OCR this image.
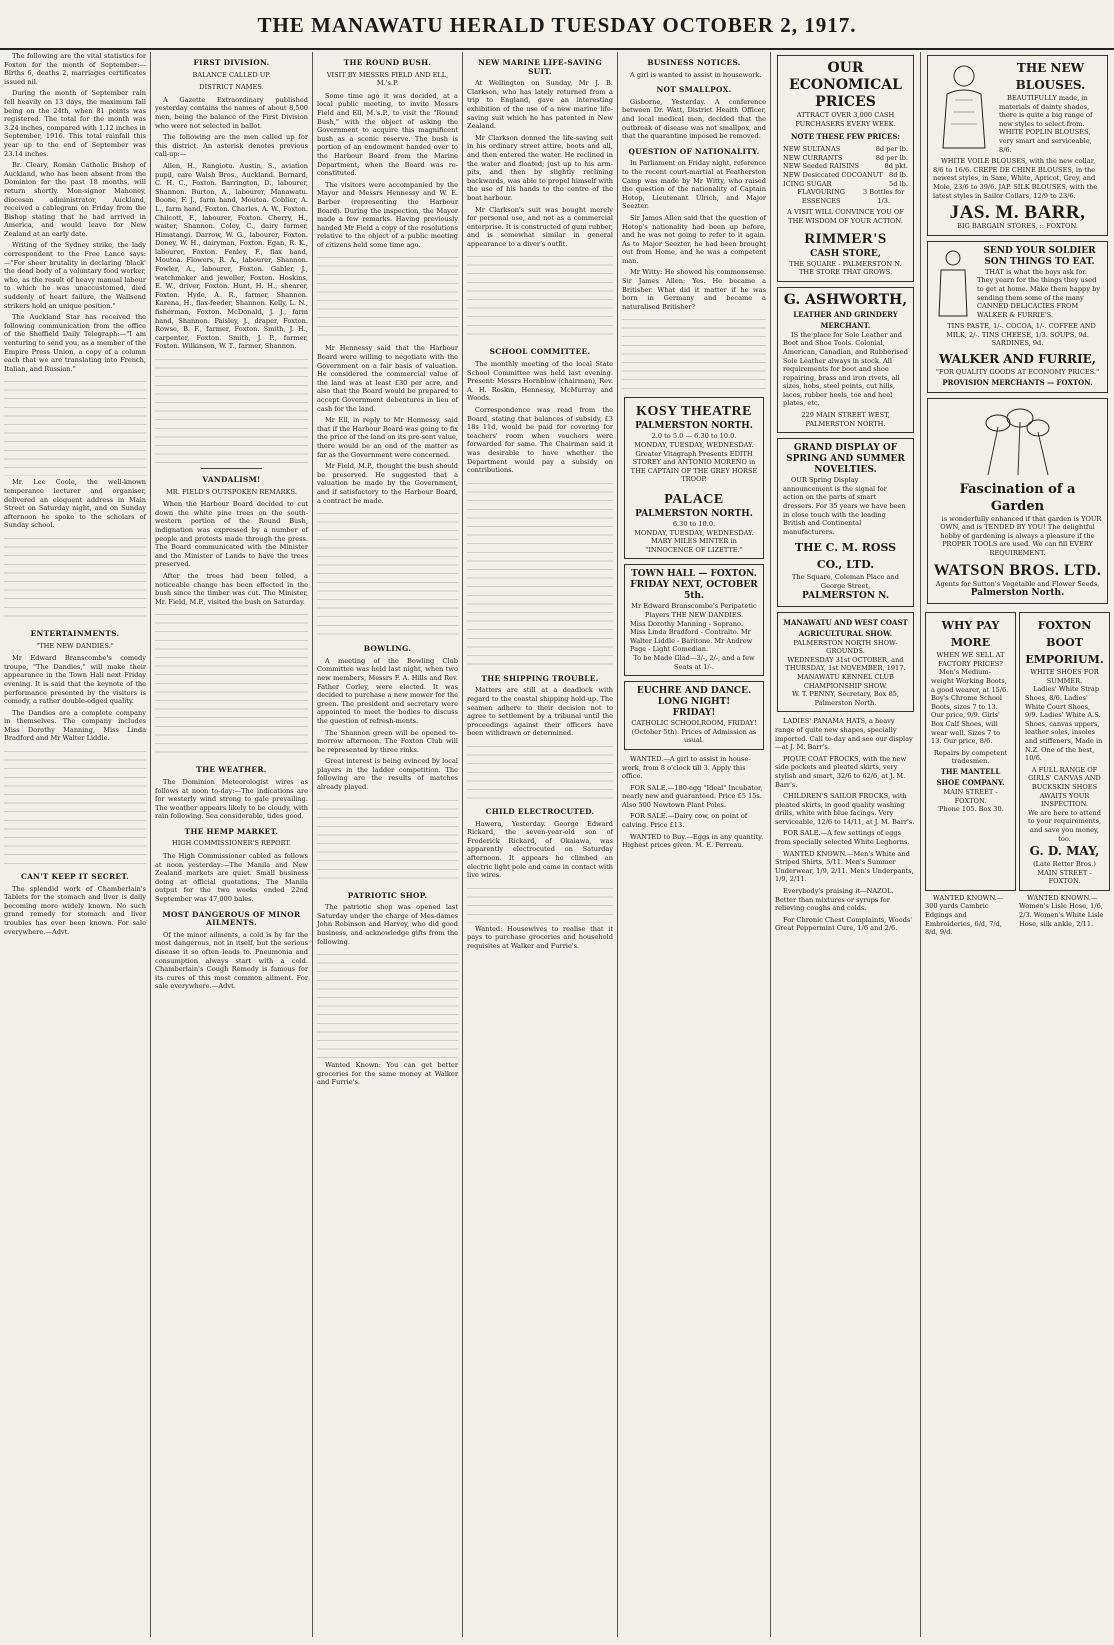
THE MANAWATU HERALD TUESDAY OCTOBER 2, 1917.

The following are the vital statistics for Foxton for the month of September:—Births 6, deaths 2, marriages certificates issued nil.

During the month of September rain fell heavily on 13 days, the maximum fall being on the 24th, when 81 points was registered. The total for the month was 3.24 inches, compared with 1.12 inches in September, 1916. This total rainfall this year up to the end of September was 23.14 inches.

Br. Cleary, Roman Catholic Bishop of Auckland, who has been absent from the Dominion for the past 18 months, will return shortly. Mon-signor Mahoney, diocesan administrator, Auckland, received a cablegram on Friday from the Bishop stating that he had arrived in America, and would leave for New Zealand at an early date.

Writing of the Sydney strike, the lady correspondent to the Free Lance says:—"For sheer brutality in declaring 'black' the dead body of a voluntary food worker, who, as the result of heavy manual labour to which he was unaccustomed, died suddenly of heart failure, the Wallsend strikers hold an unique position."

The Auckland Star has received the following communication from the office of the Sheffield Daily Telegraph:—"I am venturing to send you, as a member of the Empire Press Union, a copy of a column each that we are translating into French, Italian, and Russian."

Mr. Lee Coole, the well-known temperance lecturer and organiser, delivered an eloquent address in Main Street on Saturday night, and on Sunday afternoon he spoke to the scholars of Sunday school.

ENTERTAINMENTS.
"THE NEW DANDIES."

Mr Edward Branscombe's comedy troupe, "The Dandies," will make their appearance in the Town Hall next Friday evening. It is said that the keynote of the performance presented by the visitors is comedy, a rather double-edged quality.

The Dandies are a complete company in themselves. The company includes Miss Dorothy Manning, Miss Linda Bradford and Mr Walter Liddle.

CAN'T KEEP IT SECRET.

The splendid work of Chamberlain's Tablets for the stomach and liver is daily becoming more widely known. No such grand remedy for stomach and liver troubles has ever been known. For sale everywhere.—Advt.

FIRST DIVISION.
BALANCE CALLED UP.
DISTRICT NAMES.

A Gazette Extraordinary published yesterday contains the names of about 8,500 men, being the balance of the First Division who were not selected in ballot.

The following are the men called up for this district. An asterisk denotes previous call-up:—

Allen, H., Rangiotu. Austin, S., aviation pupil, care Walsh Bros., Auckland. Bernard, C. H. C., Foxton. Barrington, D., labourer, Shannon. Burton, A., labourer, Manawatu. Boone, F. J., farm hand, Moutoa. Coblier, A. L., farm hand, Foxton. Charles, A. W., Foxton. Chilcott, F., labourer, Foxton. Cherry, H., waiter, Shannon. Coley, C., dairy farmer, Himatangi. Darrow, W. G., labourer, Foxton. Doney, W. H., dairyman, Foxton. Egan, R. K., labourer, Foxton. Fenley, F., flax hand, Moutoa. Flowers, R. A., labourer, Shannon. Fowler, A., labourer, Foxton. Gabler, J., watchmaker and jeweller, Foxton. Hoskins, E. W., driver, Foxton. Hunt, H. H., shearer, Foxton. Hyde, A. R., farmer, Shannon. Karena, H., flax-feeder, Shannon. Kelly, L. N., fisherman, Foxton. McDonald, J. J., farm hand, Shannon. Paisley, J., draper, Foxton. Rowse, B. F., farmer, Foxton. Smith, J. H., carpenter, Foxton. Smith, J. P., farmer, Foxton. Wilkinson, W. T., farmer, Shannon.

VANDALISM!
MR. FIELD'S OUTSPOKEN REMARKS.

When the Harbour Board decided to cut down the white pine trees on the south-western portion of the Round Bush, indignation was expressed by a number of people and protests made through the press. The Board communicated with the Minister and the Minister of Lands to have the trees preserved.

After the trees had been felled, a noticeable change has been effected in the bush since the timber was cut. The Minister, Mr. Field, M.P., visited the bush on Saturday.

THE WEATHER.

The Dominion Meteorologist wires as follows at noon to-day:—The indications are for westerly wind strong to gale prevailing. The weather appears likely to be cloudy, with rain following. Sea considerable, tides good.

THE HEMP MARKET.
HIGH COMMISSIONER'S REPORT.

The High Commissioner cabled as follows at noon yesterday:—The Manila and New Zealand markets are quiet. Small business doing at official quotations. The Manila output for the two weeks ended 22nd September was 47,000 bales.

MOST DANGEROUS OF MINOR AILMENTS.

Of the minor ailments, a cold is by far the most dangerous, not in itself, but the serious disease it so often leads to. Pneumonia and consumption always start with a cold. Chamberlain's Cough Remedy is famous for its cures of this most common ailment. For sale everywhere.—Advt.

THE ROUND BUSH.
VISIT BY MESSRS FIELD AND ELL, M.'s.P.

Some time ago it was decided, at a local public meeting, to invite Messrs Field and Ell, M.'s.P., to visit the "Round Bush," with the object of asking the Government to acquire this magnificent bush as a scenic reserve. The bush is portion of an endowment handed over to the Harbour Board from the Marine Department, when the Board was re-constituted.

The visitors were accompanied by the Mayor and Messrs Hennessy and W. E. Barber (representing the Harbour Board). During the inspection, the Mayor made a few remarks. Having previously handed Mr Field a copy of the resolutions relative to the object of a public meeting of citizens held some time ago.

Mr Hennessy said that the Harbour Board were willing to negotiate with the Government on a fair basis of valuation. He considered the commercial value of the land was at least £30 per acre, and also that the Board would be prepared to accept Government debentures in lieu of cash for the land.

Mr Ell, in reply to Mr Hennessy, said that if the Harbour Board was going to fix the price of the land on its pre-sent value, there would be an end of the matter as far as the Government were concerned.

Mr Field, M.P., thought the bush should be preserved. He suggested that a valuation be made by the Government, and if satisfactory to the Harbour Board, a contract be made.

BOWLING.

A meeting of the Bowling Club Committee was held last night, when two new members, Messrs F. A. Hills and Rev. Father Corley, were elected. It was decided to purchase a new mower for the green. The president and secretary were appointed to meet the bodies to discuss the question of refresh-ments.

The Shannon green will be opened to-morrow afternoon. The Foxton Club will be represented by three rinks.

Great interest is being evinced by local players in the ladder competition. The following are the results of matches already played.

PATRIOTIC SHOP.

The patriotic shop was opened last Saturday under the charge of Mes-dames John Robinson and Harvey, who did good business, and acknowledge gifts from the following.

Wanted Known: You can get better groceries for the same money at Walker and Furrie's.

NEW MARINE LIFE-SAVING SUIT.

At Wellington on Sunday, Mr J. B. Clarkson, who has lately returned from a trip to England, gave an interesting exhibition of the use of a new marine life-saving suit which he has patented in New Zealand.

Mr Clarkson donned the life-saving suit in his ordinary street attire, boots and all, and then entered the water. He reclined in the water and floated; just up to his arm-pits, and then by slightly reclining backwards, was able to propel himself with the use of his hands to the centre of the boat harbour.

Mr Clarkson's suit was bought merely for personal use, and not as a commercial enterprise. It is constructed of gum rubber, and is somewhat similar in general appearance to a diver's outfit.

SCHOOL COMMITTEE.

The monthly meeting of the local State School Committee was held last evening. Present: Messrs Hornblow (chairman), Rev. A. H. Roskin, Hennessy, McMurray and Woods.

Correspondence was read from the Board, stating that balances of subsidy, £3 18s 11d, would be paid for covering for teachers' room when vouchers were forwarded for same. The Chairman said it was desirable to have whether the Department would pay a subsidy on contributions.

THE SHIPPING TROUBLE.

Matters are still at a deadlock with regard to the coastal shipping hold-up. The seamen adhere to their decision not to agree to settlement by a tribunal until the proceedings against their officers have been withdrawn or determined.

CHILD ELECTROCUTED.

Hawera, Yesterday. George Edward Rickard, the seven-year-old son of Frederick Rickard, of Okaiawa, was apparently electrocuted on Saturday afternoon. It appears he climbed an electric light pole and came in contact with live wires.

Wanted: Housewives to realise that it pays to purchase groceries and household requisites at Walker and Furrie's.

BUSINESS NOTICES.

A girl is wanted to assist in housework.

NOT SMALLPOX.

Gisborne, Yesterday. A conference between Dr. Watt, District Health Officer, and local medical men, decided that the outbreak of disease was not smallpox, and that the quarantine imposed be removed.

QUESTION OF NATIONALITY.

In Parliament on Friday night, reference to the recent court-martial at Featherston Camp was made by Mr Witty, who raised the question of the nationality of Captain Hotop, Lieutenant Ulrich, and Major Seezter.

Sir James Allen said that the question of Hotop's nationality had been up before, and he was not going to refer to it again. As to Major Seezter, he had been brought out from Home, and he was a competent man.

Mr Witty: He showed his commonsense. Sir James Allen: Yes. He became a Britisher. What did it matter if he was born in Germany and became a naturalised Britisher?

KOSY THEATRE
PALMERSTON NORTH.
2.0 to 5.0 — 6.30 to 10.0.
MONDAY, TUESDAY, WEDNESDAY.
Greater Vitagraph Presents EDITH STOREY and ANTONIO MORENO in THE CAPTAIN OF THE GREY HORSE TROOP.
PALACE
PALMERSTON NORTH.
6.30 to 10.0.
MONDAY, TUESDAY, WEDNESDAY.
MARY MILES MINTER in "INNOCENCE OF LIZETTE."
TOWN HALL — FOXTON.
FRIDAY NEXT, OCTOBER 5th.
Mr Edward Branscombe's Peripatetic Players THE NEW DANDIES.
Miss Dorothy Manning - Soprano. Miss Linda Bradford - Contralto. Mr Walter Liddle - Baritone. Mr Andrew Page - Light Comedian.
To be Made Glad—3/-, 2/-, and a few Seats at 1/-.
EUCHRE AND DANCE.
LONG NIGHT!
FRIDAY!
CATHOLIC SCHOOLROOM, FRIDAY! (October 5th). Prices of Admission as usual.

WANTED.—A girl to assist in house-work, from 8 o'clock till 3. Apply this office.

FOR SALE.—180-egg "Ideal" Incubator, nearly new and guaranteed. Price £5 15s. Also 500 Newtown Plant Poles.

FOR SALE.—Dairy cow, on point of calving. Price £13.

WANTED to Buy.—Eggs in any quantity. Highest prices given. M. E. Perreau.

OUR ECONOMICAL PRICES
ATTRACT OVER 3,000 CASH PURCHASERS EVERY WEEK.
NOTE THESE FEW PRICES:
NEW SULTANAS	8d per lb.
NEW CURRANTS	8d per lb.
NEW Seeded RAISINS	8d pkt.
NEW Desiccated COCOANUT 8d lb.
ICING SUGAR	5d lb.
FLAVOURING ESSENCES
3 Bottles for 1/3.
A VISIT WILL CONVINCE YOU OF THE WISDOM OF YOUR ACTION.
RIMMER'S
CASH STORE,
THE SQUARE - PALMERSTON N.
THE STORE THAT GROWS.
G. ASHWORTH,
LEATHER AND GRINDERY MERCHANT.

IS the place for Sole Leather and Boot and Shoe Tools. Colonial, American, Canadian, and Rubberised Sole Leather always in stock. All requirements for boot and shoe repairing, brass and iron rivets, all sizes, hobs, steel points, cut hills, laces, rubber heels, toe and heel plates, etc.

229 MAIN STREET WEST, PALMERSTON NORTH.
GRAND DISPLAY OF SPRING AND SUMMER NOVELTIES.

OUR Spring Display announcement is the signal for action on the parts of smart dressers. For 35 years we have been in close touch with the leading British and Continental manufacturers.

THE C. M. ROSS CO., LTD.
The Square, Coleman Place and George Street,
PALMERSTON N.
MANAWATU AND WEST COAST AGRICULTURAL SHOW.
PALMERSTON NORTH SHOW-GROUNDS.
WEDNESDAY 31st OCTOBER, and THURSDAY, 1st NOVEMBER, 1917.
MANAWATU KENNEL CLUB CHAMPIONSHIP SHOW.
W. T. PENNY, Secretary, Box 85, Palmerston North.

LADIES' PANAMA HATS, a heavy range of quite new shapes, specially imported. Call to-day and see our display—at J. M. Barr's.

PIQUE COAT FROCKS, with the new side pockets and pleated skirts, very stylish and smart, 32/6 to 62/6, at J. M. Barr's.

CHILDREN'S SAILOR FROCKS, with pleated skirts, in good quality washing drills, white with blue facings. Very serviceable, 12/6 to 14/11, at J. M. Barr's.

FOR SALE.—A few settings of eggs from specially selected White Leghorns.

WANTED KNOWN.—Men's White and Striped Shirts, 5/11. Men's Summer Underwear, 1/9, 2/11. Men's Underpants, 1/9, 2/11.

Everybody's praising it—NAZOL. Better than mixtures or syrups for relieving coughs and colds.

For Chronic Chest Complaints, Woods' Great Peppermint Cure, 1/6 and 2/6.

THE NEW BLOUSES.

BEAUTIFULLY made, in materials of dainty shades, there is quite a big range of new styles to select from. WHITE POPLIN BLOUSES, very smart and serviceable, 8/6.

WHITE VOILE BLOUSES, with the new collar, 8/6 to 16/6. CREPE DE CHINE BLOUSES, in the newest styles, in Saxe, White, Apricot, Grey, and Mole, 23/6 to 39/6. JAP. SILK BLOUSES, with the latest styles in Sailor Collars, 12/9 to 23/6.

JAS. M. BARR,
BIG BARGAIN STORES, :: FOXTON.
SEND YOUR SOLDIER SON THINGS TO EAT.

THAT is what the boys ask for. They yearn for the things they used to get at home. Make them happy by sending them some of the many CANNED DELICACIES FROM WALKER & FURRIE'S.

TINS PASTE, 1/-. COCOA, 1/-. COFFEE AND MILK, 2/-. TINS CHEESE, 1/3. SOUPS, 9d. SARDINES, 9d.

WALKER AND FURRIE,
"FOR QUALITY GOODS AT ECONOMY PRICES."
PROVISION MERCHANTS — FOXTON.
Fascination of a Garden

is wonderfully enhanced if that garden is YOUR OWN, and is TENDED BY YOU! The delightful hobby of gardening is always a pleasure if the PROPER TOOLS are used. We can fill EVERY REQUIREMENT.

WATSON BROS. LTD.
Agents for Sutton's Vegetable and Flower Seeds,
Palmerston North.
WHY PAY MORE
WHEN WE SELL AT FACTORY PRICES?

Men's Medium-weight Working Boots, a good wearer, at 15/6. Boy's Chrome School Boots, sizes 7 to 13. Our price, 9/9. Girls' Box Calf Shoes, will wear well. Sizes 7 to 13. Our price, 8/6.

Repairs by competent tradesmen.
THE MANTELL SHOE COMPANY.
MAIN STREET - FOXTON.
'Phone 105. Box 30.
FOXTON BOOT EMPORIUM.
WHITE SHOES FOR SUMMER.

Ladies' White Strap Shoes, 8/6. Ladies' White Court Shoes, 9/9. Ladies' White A.S. Shoes, canvas uppers, leather soles, insoles and stiffeners, Made in N.Z. One of the best, 10/6.

A FULL RANGE OF GIRLS' CANVAS AND BUCKSKIN SHOES AWAITS YOUR INSPECTION.
We are here to attend to your requirements, and save you money, too.
G. D. MAY,
(Late Retter Bros.)
MAIN STREET - FOXTON.

WANTED KNOWN.—300 yards Cambric Edgings and Embroideries, 6/d, 7/d, 8/d, 9/d.

WANTED KNOWN.—Women's Lisle Hose, 1/6, 2/3. Women's White Lisle Hose, silk ankle, 2/11.
